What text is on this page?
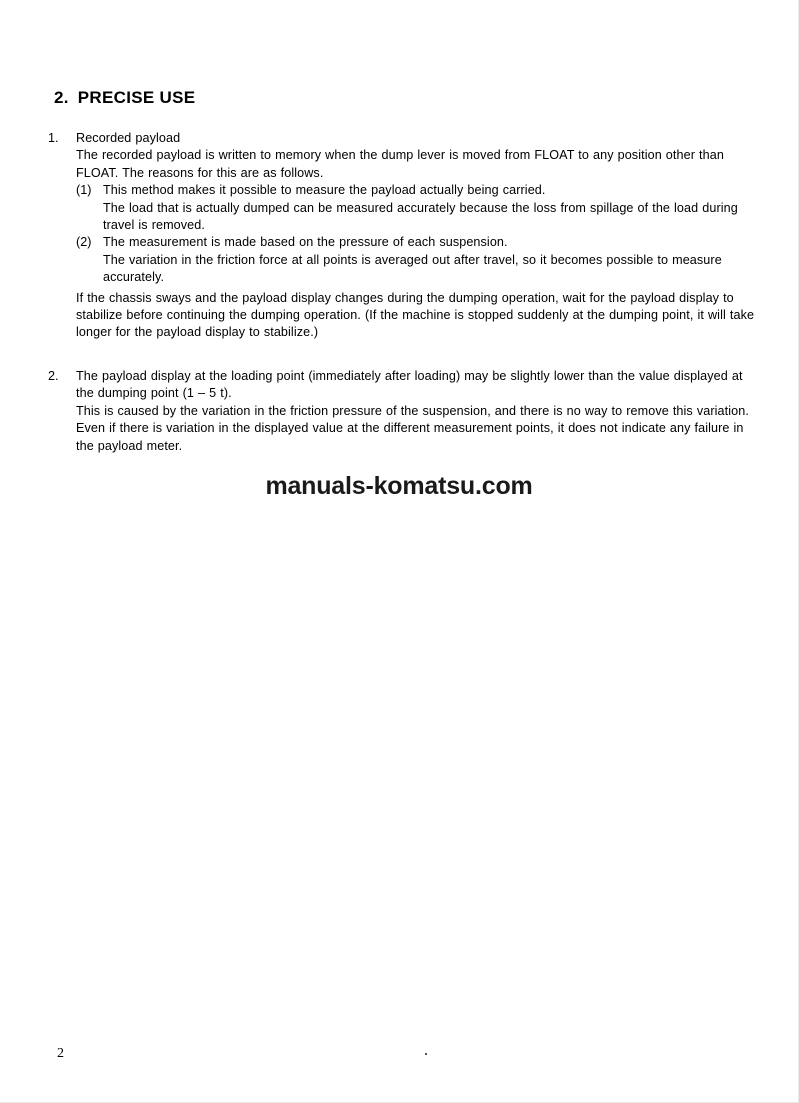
2. PRECISE USE
1.	Recorded payload

The recorded payload is written to memory when the dump lever is moved from FLOAT to any position other than FLOAT. The reasons for this are as follows.

(1) This method makes it possible to measure the payload actually being carried.

The load that is actually dumped can be measured accurately because the loss from spillage of the load during travel is removed.

(2) The measurement is made based on the pressure of each suspension.

The variation in the friction force at all points is averaged out after travel, so it becomes possible to measure accurately.

If the chassis sways and the payload display changes during the dumping operation, wait for the payload display to stabilize before continuing the dumping operation. (If the machine is stopped suddenly at the dumping point, it will take longer for the payload display to stabilize.)

2.	The payload display at the loading point (immediately after loading) may be slightly lower than the value displayed at the dumping point (1 – 5 t).

This is caused by the variation in the friction pressure of the suspension, and there is no way to remove this variation. Even if there is variation in the displayed value at the different measurement points, it does not indicate any failure in the payload meter.

manuals-komatsu.com
2
